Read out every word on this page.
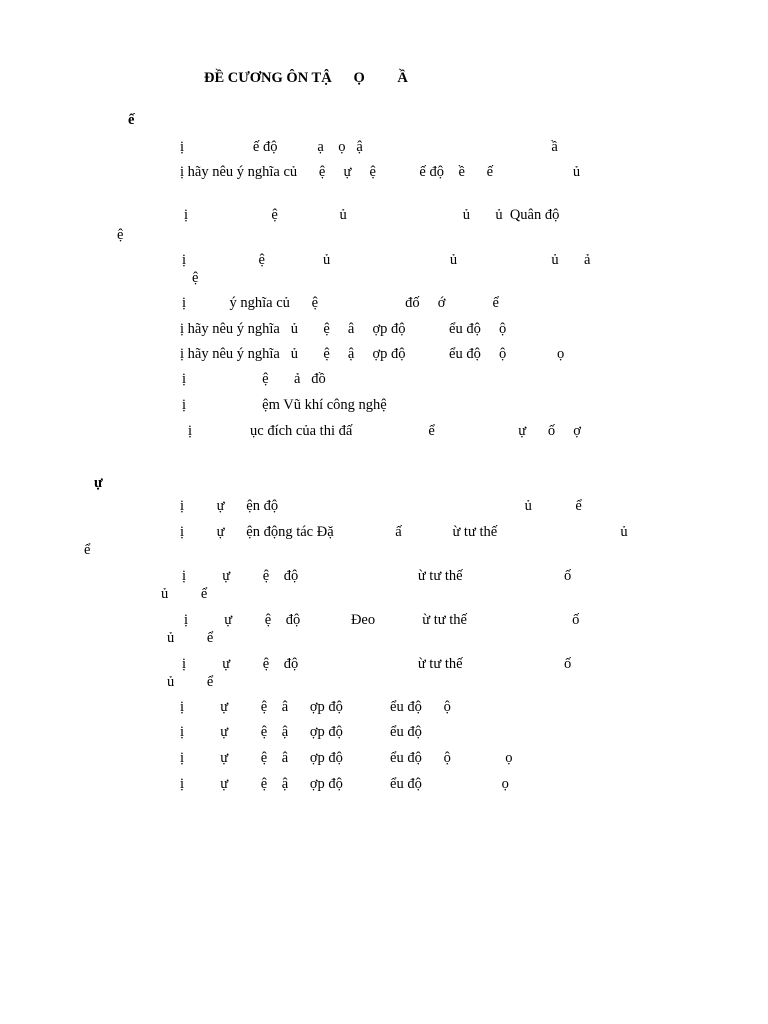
ĐỀ CƯƠNG ÔN TẬ      Ọ         Ầ
ế
ị                   ế độ           ạ    ọ   ậ                                                    ầ
ị hãy nêu ý nghĩa củ      ệ     ự     ệ            ế độ    ề      ế                      ủ
ị                       ệ                 ủ                                ủ       ủ  Quân độ
ệ
ị                    ệ                ủ                                 ủ                          ủ       ả
ệ
ị            ý nghĩa củ      ệ                        đố     ớ             ể
ị hãy nêu ý nghĩa   ủ       ệ     â     ợp độ            ểu độ     ộ
ị hãy nêu ý nghĩa   ủ       ệ     ậ     ợp độ            ểu độ     ộ              ọ
ị                     ệ       ả   đồ
ị                     ệm Vũ khí công nghệ
ị                ục đích của thi đấ                     ể                       ự      ố     ợ
ự
ị         ự      ện độ                                                                    ủ            ể
ị         ự      ện động tác Đặ                 ấ              ừ tư thế                                  ủ
ể
ị          ự         ệ    độ                                 ừ tư thế                            ố
ủ         ể
ị          ự         ệ    độ              Đeo             ừ tư thế                             ố
ủ         ể
ị          ự         ệ    độ                                 ừ tư thế                            ố
ủ         ể
ị          ự         ệ    â      ợp độ             ểu độ      ộ
ị          ự         ệ    ậ      ợp độ             ểu độ
ị          ự         ệ    â      ợp độ             ểu độ      ộ               ọ
ị          ự         ệ    ậ      ợp độ             ểu độ                      ọ
